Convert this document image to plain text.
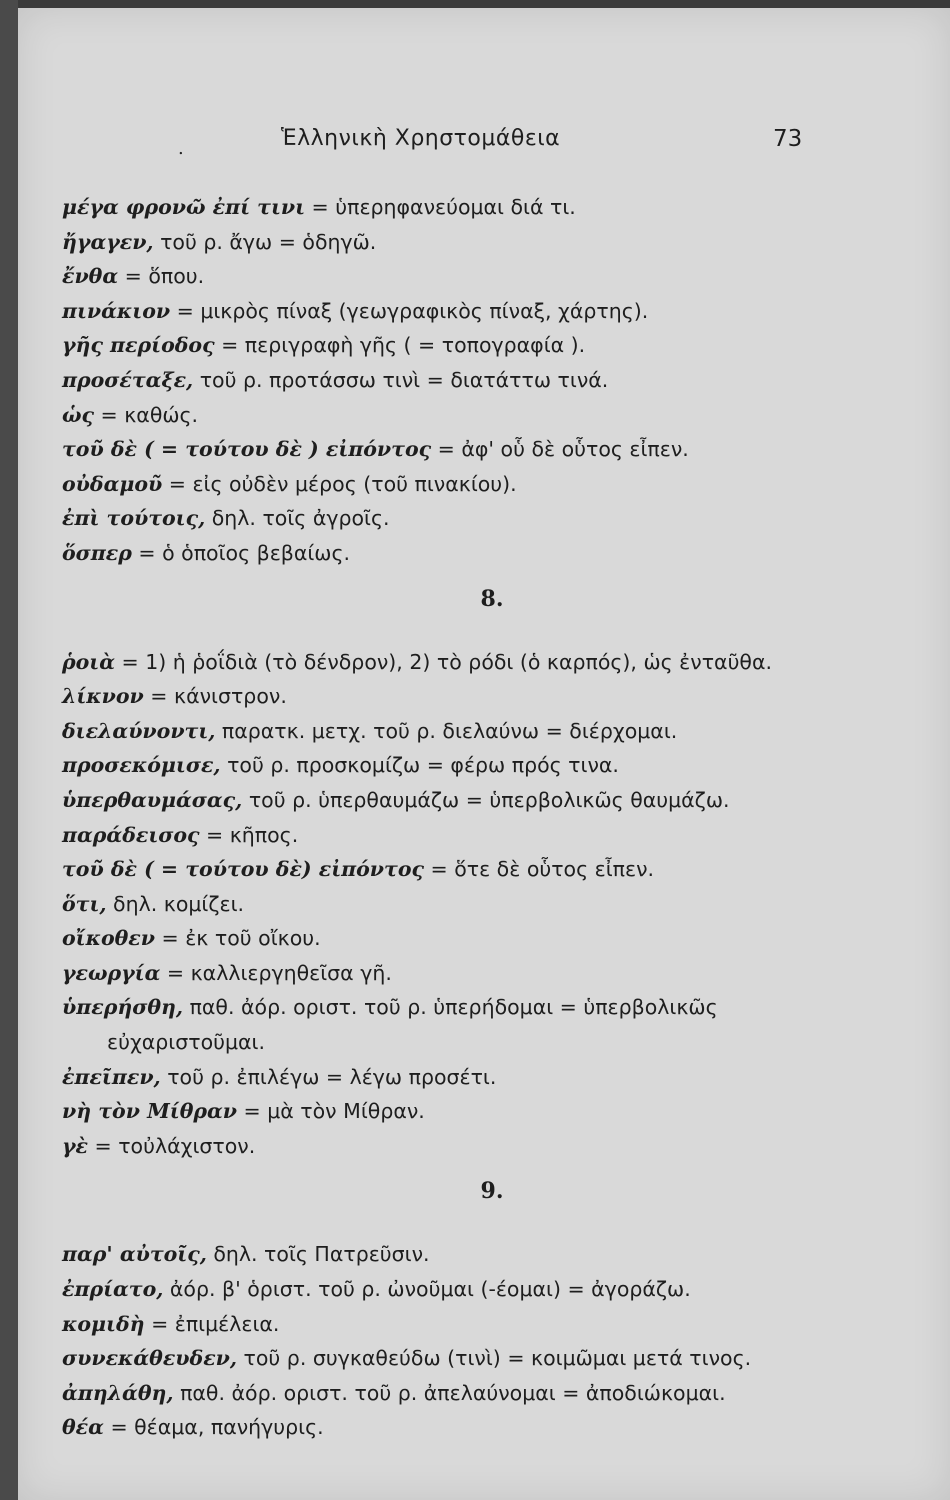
.	Ἑλληνικὴ Χρηστομάθεια	73
μέγα φρονῶ ἐπί τινι = ὑπερηφανεύομαι διά τι.
ἤγαγεν, τοῦ ρ. ἄγω = ὁδηγῶ.
ἔνθα = ὅπου.
πινάκιον = μικρὸς πίναξ (γεωγραφικὸς πίναξ, χάρτης).
γῆς περίοδος = περιγραφὴ γῆς ( = τοπογραφία ).
προσέταξε, τοῦ ρ. προτάσσω τινὶ = διατάττω τινά.
ὡς = καθώς.
τοῦ δὲ ( = τούτου δὲ ) εἰπόντος = ἀφ' οὗ δὲ οὗτος εἶπεν.
οὐδαμοῦ = εἰς οὐδὲν μέρος (τοῦ πινακίου).
ἐπὶ τούτοις, δηλ. τοῖς ἀγροῖς.
ὅσπερ = ὁ ὁποῖος βεβαίως.
8.
ῥοιὰ = 1) ἡ ῥοΐδιὰ (τὸ δένδρον), 2) τὸ ρόδι (ὁ καρπός), ὡς ἐνταῦθα.
λίκνον = κάνιστρον.
διελαύνοντι, παρατκ. μετχ. τοῦ ρ. διελαύνω = διέρχομαι.
προσεκόμισε, τοῦ ρ. προσκομίζω = φέρω πρός τινα.
ὑπερθαυμάσας, τοῦ ρ. ὑπερθαυμάζω = ὑπερβολικῶς θαυμάζω.
παράδεισος = κῆπος.
τοῦ δὲ ( = τούτου δὲ) εἰπόντος = ὅτε δὲ οὗτος εἶπεν.
ὅτι, δηλ. κομίζει.
οἴκοθεν = ἐκ τοῦ οἴκου.
γεωργία = καλλιεργηθεῖσα γῆ.
ὑπερήσθη, παθ. ἀόρ. οριστ. τοῦ ρ. ὑπερήδομαι = ὑπερβολικῶς
εὐχαριστοῦμαι.
ἐπεῖπεν, τοῦ ρ. ἐπιλέγω = λέγω προσέτι.
νὴ τὸν Μίθραν = μὰ τὸν Μίθραν.
γὲ = τοὐλάχιστον.
9.
παρ' αὐτοῖς, δηλ. τοῖς Πατρεῦσιν.
ἐπρίατο, ἀόρ. β' ὁριστ. τοῦ ρ. ὠνοῦμαι (-έομαι) = ἀγοράζω.
κομιδὴ = ἐπιμέλεια.
συνεκάθευδεν, τοῦ ρ. συγκαθεύδω (τινὶ) = κοιμῶμαι μετά τινος.
ἀπηλάθη, παθ. ἀόρ. οριστ. τοῦ ρ. ἀπελαύνομαι = ἀποδιώκομαι.
θέα = θέαμα, πανήγυρις.
